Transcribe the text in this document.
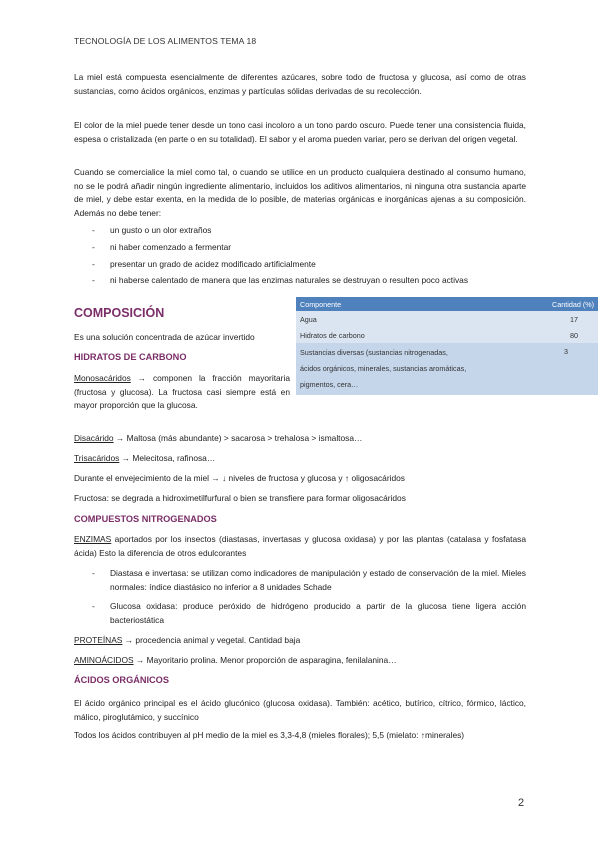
TECNOLOGÍA DE LOS ALIMENTOS TEMA 18
La miel está compuesta esencialmente de diferentes azúcares, sobre todo de fructosa y glucosa, así como de otras sustancias, como ácidos orgánicos, enzimas y partículas sólidas derivadas de su recolección.
El color de la miel puede tener desde un tono casi incoloro a un tono pardo oscuro. Puede tener una consistencia fluida, espesa o cristalizada (en parte o en su totalidad). El sabor y el aroma pueden variar, pero se derivan del origen vegetal.
Cuando se comercialice la miel como tal, o cuando se utilice en un producto cualquiera destinado al consumo humano, no se le podrá añadir ningún ingrediente alimentario, incluidos los aditivos alimentarios, ni ninguna otra sustancia aparte de miel, y debe estar exenta, en la medida de lo posible, de materias orgánicas e inorgánicas ajenas a su composición. Además no debe tener:
- un gusto o un olor extraños
- ni haber comenzado a fermentar
- presentar un grado de acidez modificado artificialmente
- ni haberse calentado de manera que las enzimas naturales se destruyan o resulten poco activas
COMPOSICIÓN
Es una solución concentrada de azúcar invertido
Componente	Cantidad (%)
Agua	17
Hidratos de carbono	80
Sustancias diversas (sustancias nitrogenadas, ácidos orgánicos, minerales, sustancias aromáticas, pigmentos, cera…	3
HIDRATOS DE CARBONO
Monosacáridos → componen la fracción mayoritaria (fructosa y glucosa). La fructosa casi siempre está en mayor proporción que la glucosa.
Disacárido → Maltosa (más abundante) > sacarosa > trehalosa > ismaltosa…
Trisacáridos → Melecitosa, rafinosa…
Durante el envejecimiento de la miel → ↓ niveles de fructosa y glucosa y ↑ oligosacáridos
Fructosa: se degrada a hidroximetilfurfural o bien se transfiere para formar oligosacáridos
COMPUESTOS NITROGENADOS
ENZIMAS aportados por los insectos (diastasas, invertasas y glucosa oxidasa) y por las plantas (catalasa y fosfatasa ácida) Esto la diferencia de otros edulcorantes
- Diastasa e invertasa: se utilizan como indicadores de manipulación y estado de conservación de la miel. Mieles normales: índice diastásico no inferior a 8 unidades Schade
- Glucosa oxidasa: produce peróxido de hidrógeno producido a partir de la glucosa tiene ligera acción bacteriostática
PROTEÍNAS → procedencia animal y vegetal. Cantidad baja
AMINOÁCIDOS → Mayoritario prolina. Menor proporción de asparagina, fenilalanina…
ÁCIDOS ORGÁNICOS
El ácido orgánico principal es el ácido glucónico (glucosa oxidasa). También: acético, butírico, cítrico, fórmico, láctico, málico, piroglutámico, y succínico
Todos los ácidos contribuyen al pH medio de la miel es 3,3-4,8 (mieles florales); 5,5 (mielato: ↑minerales)
2
